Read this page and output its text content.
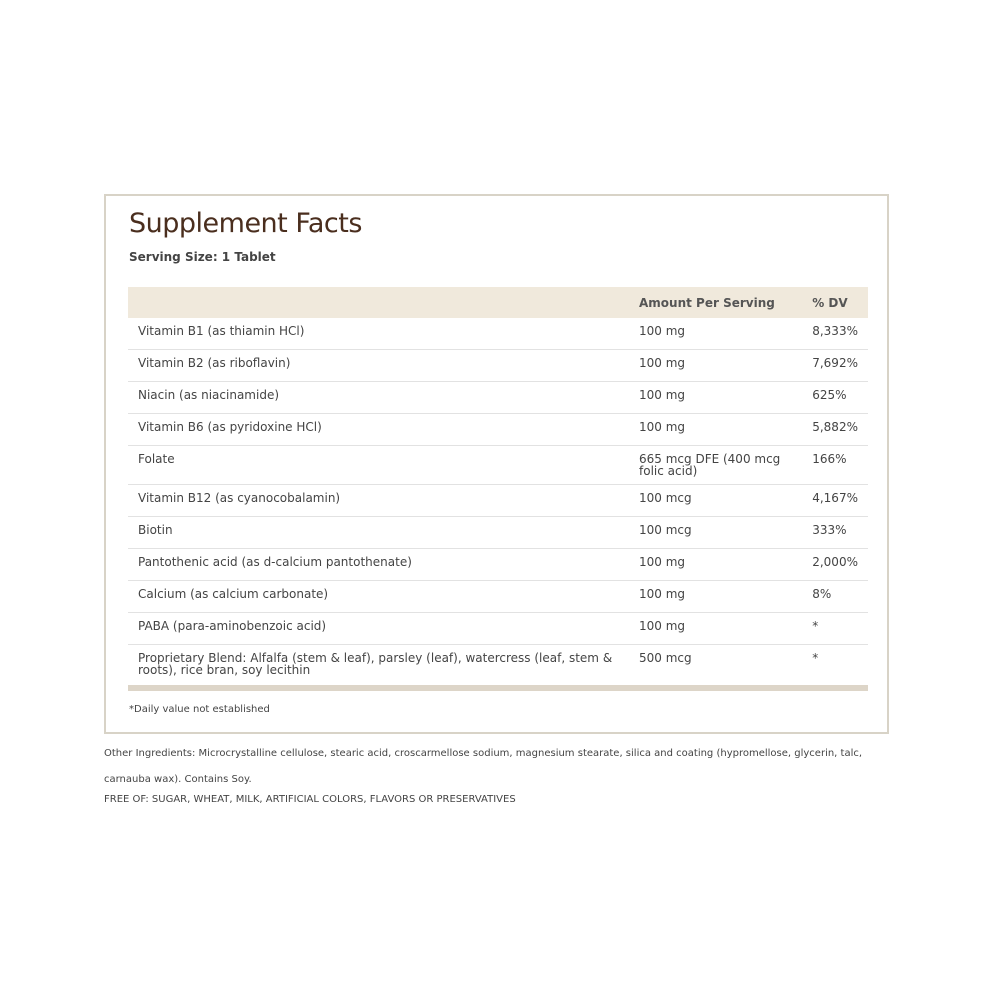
Supplement Facts
Serving Size: 1 Tablet
	Amount Per Serving	% DV
Vitamin B1 (as thiamin HCl)	100 mg	8,333%
Vitamin B2 (as riboflavin)	100 mg	7,692%
Niacin (as niacinamide)	100 mg	625%
Vitamin B6 (as pyridoxine HCl)	100 mg	5,882%
Folate	665 mcg DFE (400 mcg folic acid)	166%
Vitamin B12 (as cyanocobalamin)	100 mcg	4,167%
Biotin	100 mcg	333%
Pantothenic acid (as d-calcium pantothenate)	100 mg	2,000%
Calcium (as calcium carbonate)	100 mg	8%
PABA (para-aminobenzoic acid)	100 mg	*
Proprietary Blend: Alfalfa (stem & leaf), parsley (leaf), watercress (leaf, stem & roots), rice bran, soy lecithin	500 mcg	*
*Daily value not established
Other Ingredients: Microcrystalline cellulose, stearic acid, croscarmellose sodium, magnesium stearate, silica and coating (hypromellose, glycerin, talc, carnauba wax). Contains Soy.
FREE OF: SUGAR, WHEAT, MILK, ARTIFICIAL COLORS, FLAVORS OR PRESERVATIVES
